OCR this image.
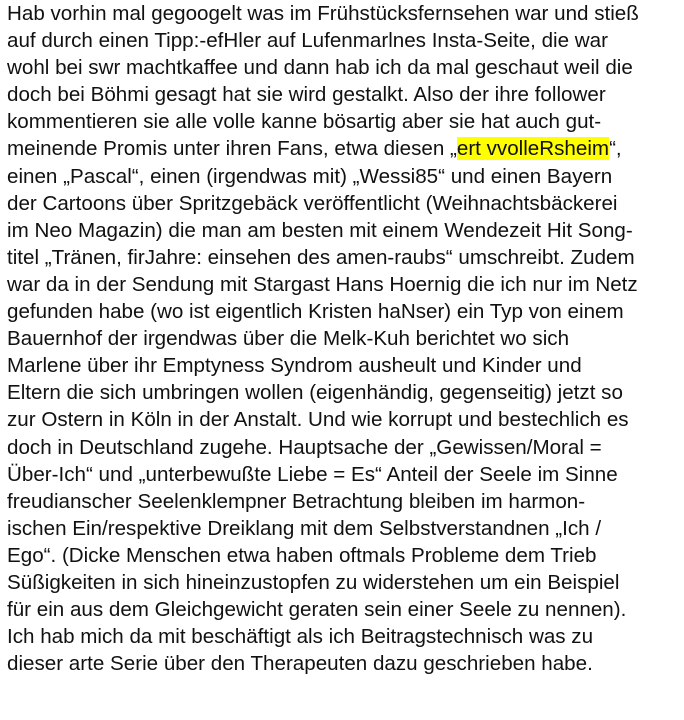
Hab vorhin mal gegoogelt was im Frühstücksfernsehen war und stieß
auf durch einen Tipp:-efHler auf Lufenmarlnes Insta-Seite, die war
wohl bei swr machtkaffee und dann hab ich da mal geschaut weil die
doch bei Böhmi gesagt hat sie wird gestalkt. Also der ihre follower
kommentieren sie alle volle kanne bösartig aber sie hat auch gut-
meinende Promis unter ihren Fans, etwa diesen „ert vvolleRsheim“,
einen „Pascal“, einen (irgendwas mit) „Wessi85“ und einen Bayern
der Cartoons über Spritzgebäck veröffentlicht (Weihnachtsbäckerei
im Neo Magazin) die man am besten mit einem Wendezeit Hit Song-
titel „Tränen, firJahre: einsehen des amen-raubs“ umschreibt. Zudem
war da in der Sendung mit Stargast Hans Hoernig die ich nur im Netz
gefunden habe (wo ist eigentlich Kristen haNser) ein Typ von einem
Bauernhof der irgendwas über die Melk-Kuh berichtet wo sich
Marlene über ihr Emptyness Syndrom ausheult und Kinder und
Eltern die sich umbringen wollen (eigenhändig, gegenseitig) jetzt so
zur Ostern in Köln in der Anstalt. Und wie korrupt und bestechlich es
doch in Deutschland zugehe. Hauptsache der „Gewissen/Moral =
Über-Ich“ und „unterbewußte Liebe = Es“ Anteil der Seele im Sinne
freudianscher Seelenklempner Betrachtung bleiben im harmon-
ischen Ein/respektive Dreiklang mit dem Selbstverstandnen „Ich /
Ego“. (Dicke Menschen etwa haben oftmals Probleme dem Trieb
Süßigkeiten in sich hineinzustopfen zu widerstehen um ein Beispiel
für ein aus dem Gleichgewicht geraten sein einer Seele zu nennen).
Ich hab mich da mit beschäftigt als ich Beitragstechnisch was zu
dieser arte Serie über den Therapeuten dazu geschrieben habe.
